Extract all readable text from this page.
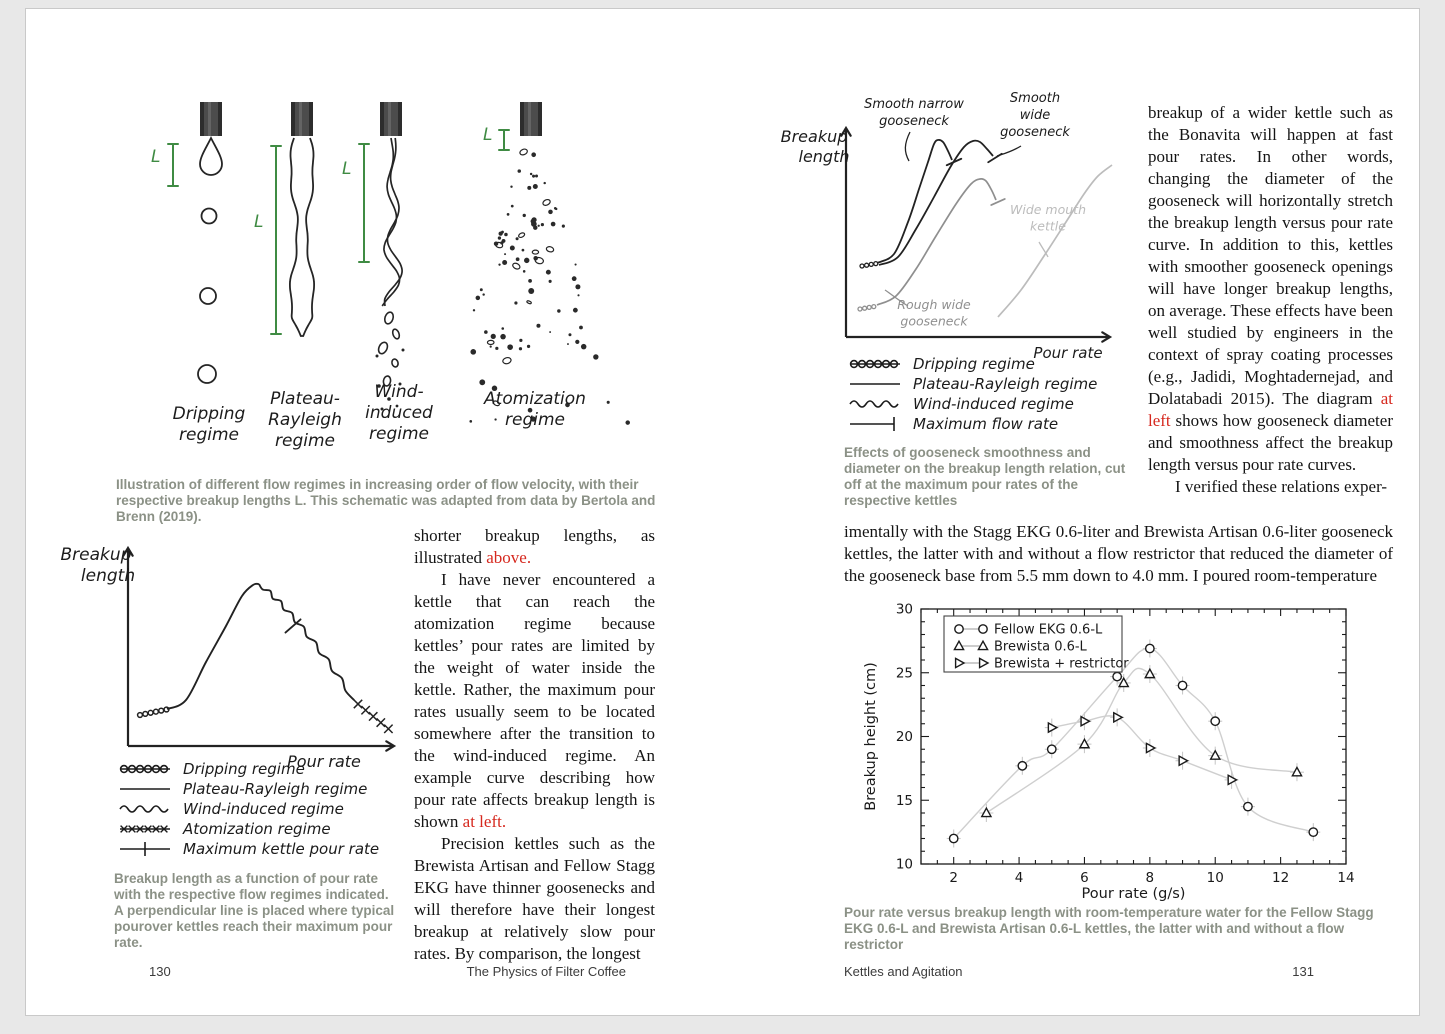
L
L
L
L
Dripping
regime
Plateau-
Rayleigh
regime
Wind-
induced
regime
Atomization
regime
Illustration of different flow regimes in increasing order of flow velocity, with their respective breakup lengths L. This schematic was adapted from data by Bertola and Brenn (2019).
Breakup
length
Pour rate
Dripping regime
Plateau-Rayleigh regime
Wind-induced regime
Atomization regime
Maximum kettle pour rate
Breakup length as a function of pour rate with the respective flow regimes indicated. A perpendicular line is placed where typical pourover kettles reach their maximum pour rate.

shorter breakup lengths, as illustrated above.

I have never encountered a kettle that can reach the atomization regime because kettles’ pour rates are limited by the weight of water inside the kettle. Rather, the maximum pour rates usually seem to be located somewhere after the transition to the wind-induced regime. An example curve describing how pour rate affects breakup length is shown at left.

Precision kettles such as the Brewista Artisan and Fellow Stagg EKG have thinner goosenecks and will therefore have their longest breakup at relatively slow pour rates. By comparison, the longest

130	The Physics of Filter Coffee
Breakup
length
Pour rate
Smooth narrow
gooseneck
Smooth
wide
gooseneck
Wide mouth
kettle
Rough wide
gooseneck
Dripping regime
Plateau-Rayleigh regime
Wind-induced regime
Maximum flow rate
Effects of gooseneck smoothness and diameter on the breakup length relation, cut off at the maximum pour rates of the respective kettles

breakup of a wider kettle such as the Bonavita will happen at fast pour rates. In other words, changing the diameter of the gooseneck will horizontally stretch the breakup length versus pour rate curve. In addition to this, kettles with smoother gooseneck openings will have longer breakup lengths, on average. These effects have been well studied by engineers in the context of spray coating processes (e.g., Jadidi, Moghtadernejad, and Dolatabadi 2015). The diagram at left shows how gooseneck diameter and smoothness affect the breakup length versus pour rate curves.

I verified these relations exper-

imentally with the Stagg EKG 0.6-liter and Brewista Artisan 0.6-liter gooseneck kettles, the latter with and without a flow restrictor that reduced the diameter of the gooseneck base from 5.5 mm down to 4.0 mm. I poured room-temperature

2	4	6	8	10	12	14
10
15
20
25
30
Pour rate (g/s)
Breakup height (cm)
Fellow EKG 0.6-L
Brewista 0.6-L
Brewista + restrictor
Pour rate versus breakup length with room-temperature water for the Fellow Stagg EKG 0.6-L and Brewista Artisan 0.6-L kettles, the latter with and without a flow restrictor
Kettles and Agitation	131
